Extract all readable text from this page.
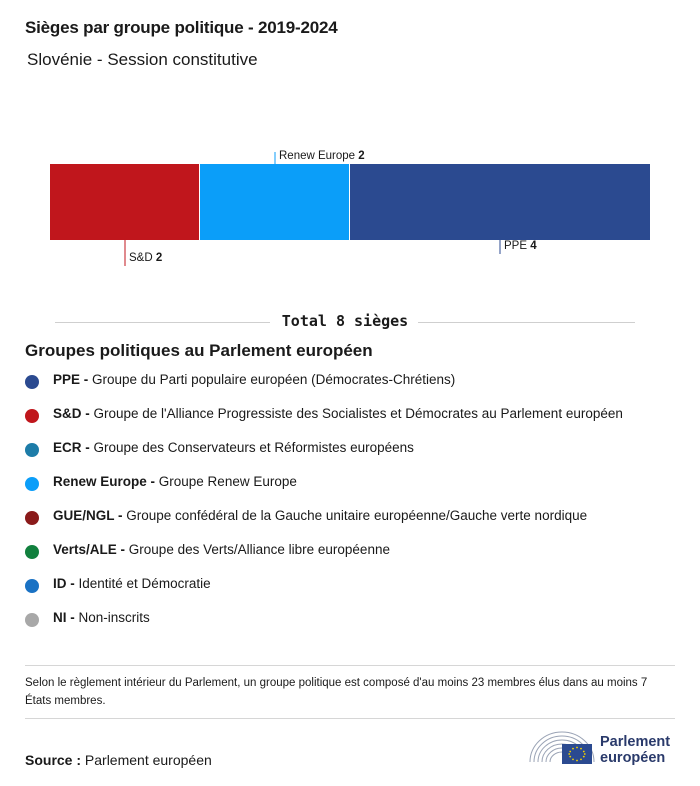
Sièges par groupe politique - 2019-2024
Slovénie - Session constitutive
S&D 2
Renew Europe 2
PPE 4
Total 8 sièges
Groupes politiques au Parlement européen
PPE - Groupe du Parti populaire européen (Démocrates-Chrétiens)
S&D - Groupe de l'Alliance Progressiste des Socialistes et Démocrates au Parlement européen
ECR - Groupe des Conservateurs et Réformistes européens
Renew Europe - Groupe Renew Europe
GUE/NGL - Groupe confédéral de la Gauche unitaire européenne/Gauche verte nordique
Verts/ALE - Groupe des Verts/Alliance libre européenne
ID - Identité et Démocratie
NI - Non-inscrits
Selon le règlement intérieur du Parlement, un groupe politique est composé d'au moins 23 membres élus dans au moins 7 États membres.
Source : Parlement européen
Parlement
européen
